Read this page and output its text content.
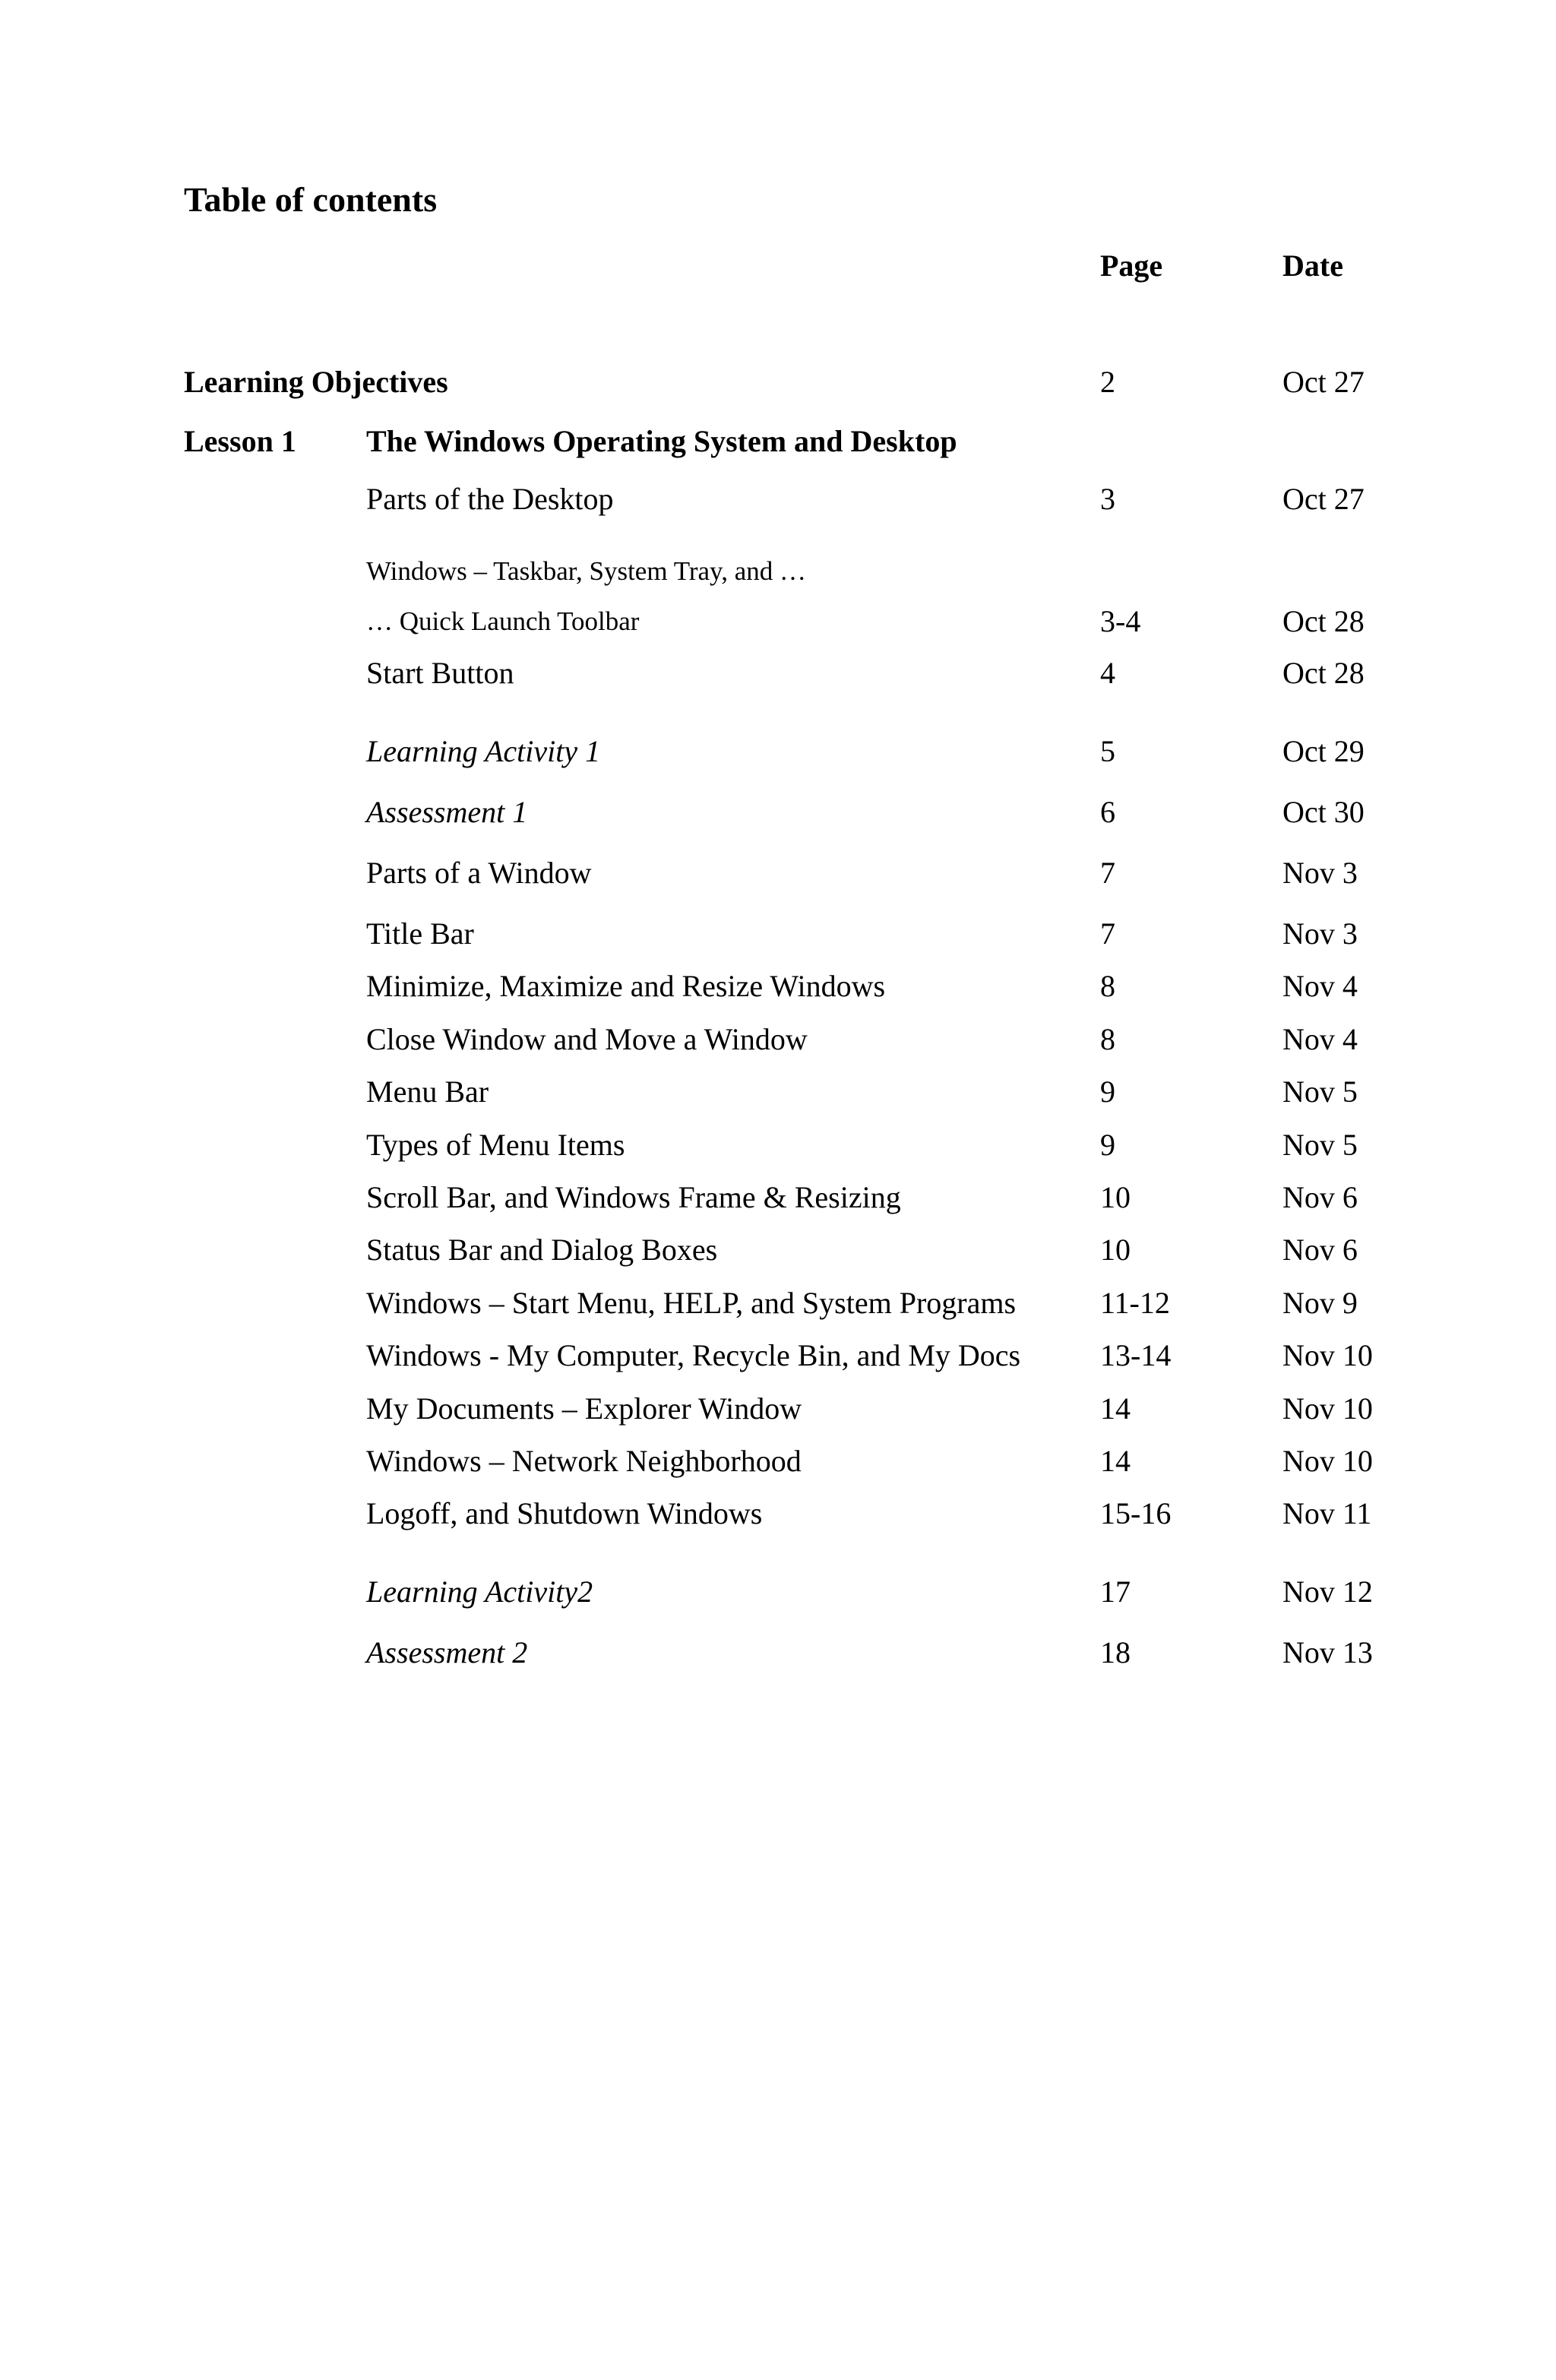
Table of contents
Page	Date
Learning Objectives	2	Oct 27
Lesson 1 The Windows Operating System and Desktop
Parts of the Desktop	3	Oct 27
Windows – Taskbar, System Tray, and …
… Quick Launch Toolbar	3-4	Oct 28
Start Button	4	Oct 28
Learning Activity 1	5	Oct 29
Assessment 1	6	Oct 30
Parts of a Window	7	Nov 3
Title Bar	7	Nov 3
Minimize, Maximize and Resize Windows	8	Nov 4
Close Window and Move a Window	8	Nov 4
Menu Bar	9	Nov 5
Types of Menu Items	9	Nov 5
Scroll Bar, and Windows Frame & Resizing	10	Nov 6
Status Bar and Dialog Boxes	10	Nov 6
Windows – Start Menu, HELP, and System Programs	11-12	Nov 9
Windows - My Computer, Recycle Bin, and My Docs	13-14	Nov 10
My Documents – Explorer Window	14	Nov 10
Windows – Network Neighborhood	14	Nov 10
Logoff, and Shutdown Windows	15-16	Nov 11
Learning Activity2	17	Nov 12
Assessment 2	18	Nov 13
